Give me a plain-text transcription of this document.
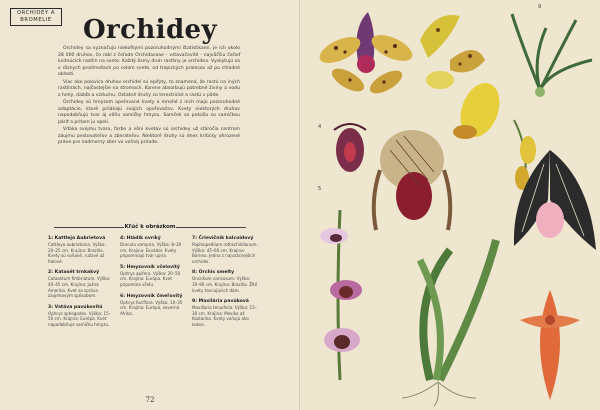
ORCHIDEY A BROMELIE	Orchidey

Orchidey sa vyznačujú niekoľkými pozoruhodnými štatistikami, je ich okolo 28 000 druhov, čo robí z čeľade Orchidaceae - vstavačovité - najväčšiu čeľaď kvitnúcich rastlín na svete. Každý ôsmy druh rastliny je orchidea. Vyskytujú sa v rôznych prostrediach po celom svete, od tropických pralesov až po chladné oblasti.

Viac ako polovica druhov orchideí sú epifyty, to znamená, že rastú na iných rastlinách, najčastejšie na stromoch. Korene absorbujú potrebné živiny a vodu z hmly, dažďa a vzduchu. Ostatné druhy sú terestrické a rastú v pôde.

Orchidey sú hmyzom opeľované kvety a mnohé z nich majú pozoruhodné adaptácie, ktoré prilákajú svojich opeľovačov. Kvety niektorých druhov napodobňujú tvar aj vôňu samičky hmyzu. Samček sa pokúša so samičkou páriť a pritom ju opelí.

Vďaka svojmu tvaru, farbe a vôni kvetov sú orchidey už stáročia centrom záujmu pestovateľov a zberateľov. Niektoré druhy sú dnes kriticky ohrozené práve pre nadmerný zber vo voľnej prírode.

Kľúč k obrázkom
1: Kattleja Aubrietová
Cattleya aubrietiana. Výška: 20–25 cm. Krajina: Brazília. Kvety sú voňavé, ružové až fialové.
2: Katasét trnkakvý
Catasetum fimbriatum. Výška: 40–45 cm. Krajina: Južná Amerika. Kvet sa správa zaujímavým spôsobom.
3: Vstáva pavúkovitá
Ophrys sphegodes. Výška: 15–50 cm. Krajina: Európa. Kvet napodobňuje samičku hmyzu.
4: Hládik ovríký
Dracula vampira. Výška: 8–30 cm. Krajina: Ekvádor. Kvety pripomínajú tvár upíra.
5: Hmyzovník včelovitý
Ophrys apifera. Výška: 20–50 cm. Krajina: Európa. Kvet pripomína včelu.
6: Hmyzovník čmeľovitý
Ophrys fuciflora. Výška: 10–35 cm. Krajina: Európa, severná Afrika.
7: Črievičník kalcoidový
Paphiopedilum rothschildianum. Výška: 45–60 cm. Krajina: Borneo. Jedna z najvzácnejších orchideí.
8: Orchis smelty
Oncidium varicosum. Výška: 30–90 cm. Krajina: Brazília. Žlté kvety tancujúcich dám.
9: Maxilária pavúková
Maxillaria tenuifolia. Výška: 15–30 cm. Krajina: Mexiko až Kostarika. Kvety voňajú ako kokos.
72
4
5
9
